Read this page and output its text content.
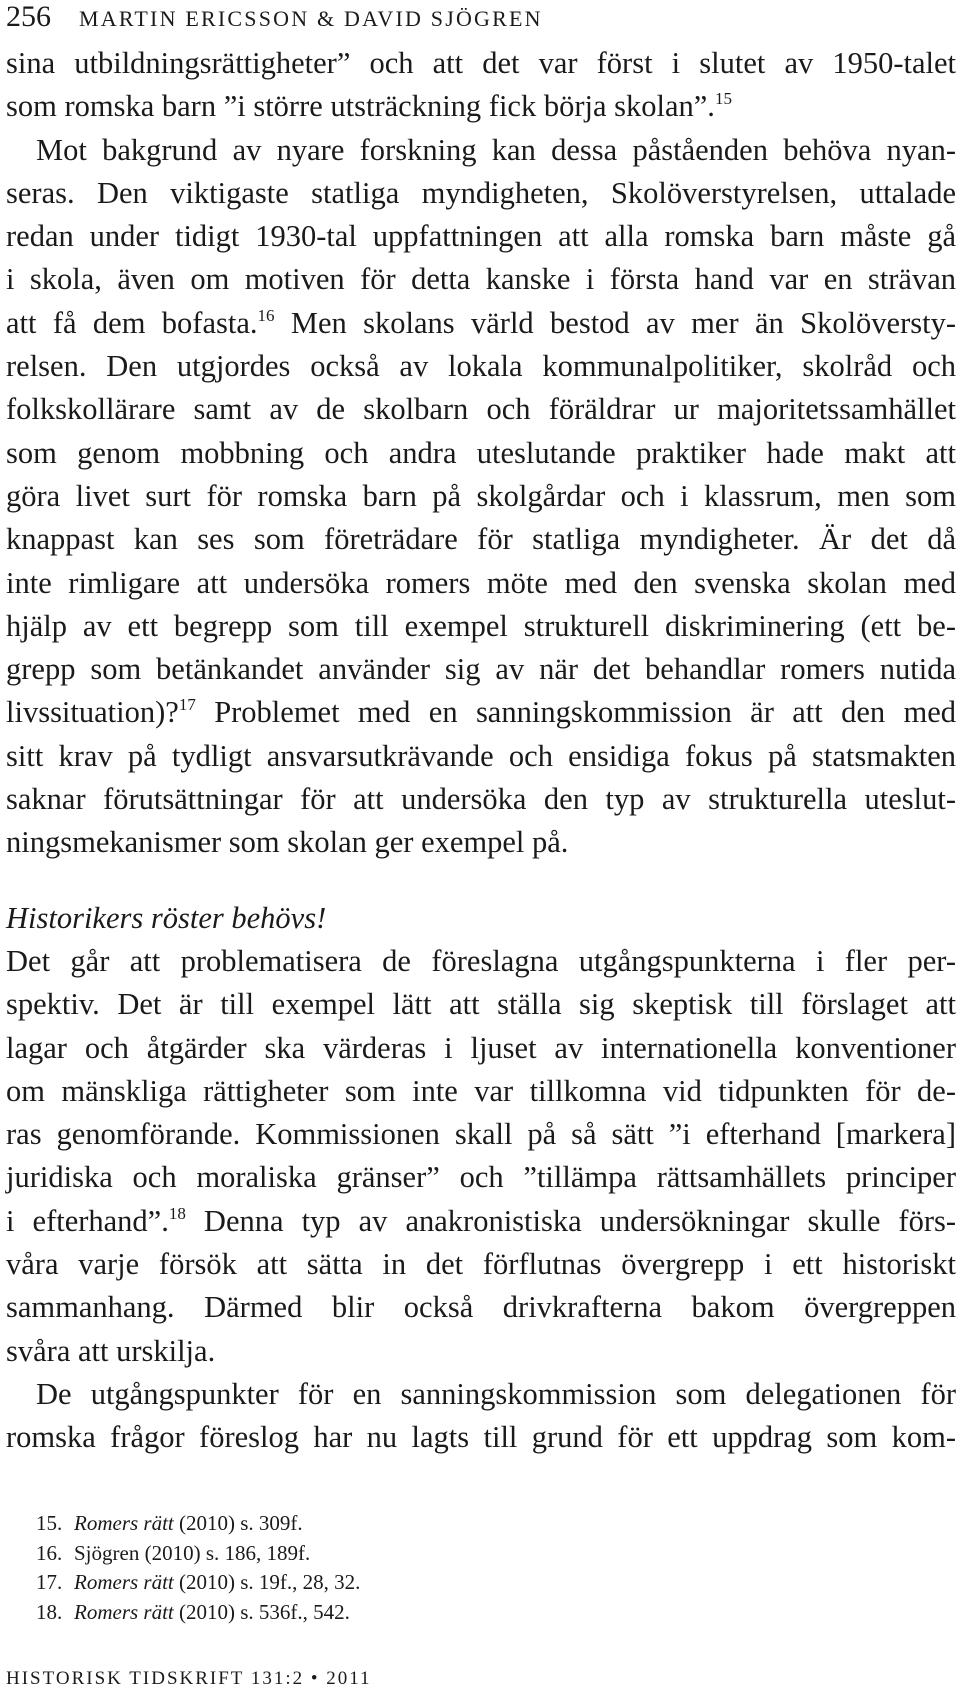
256 MARTIN ERICSSON & DAVID SJÖGREN
sina utbildningsrättigheter” och att det var först i slutet av 1950-talet
som romska barn ”i större utsträckning fick börja skolan”.$^{15}$
Mot bakgrund av nyare forskning kan dessa påståenden behöva nyan-
seras. Den viktigaste statliga myndigheten, Skolöverstyrelsen, uttalade
redan under tidigt 1930-tal uppfattningen att alla romska barn måste gå
i skola, även om motiven för detta kanske i första hand var en strävan
att få dem bofasta.$^{16}$ Men skolans värld bestod av mer än Skolöversty-
relsen. Den utgjordes också av lokala kommunalpolitiker, skolråd och
folkskollärare samt av de skolbarn och föräldrar ur majoritetssamhället
som genom mobbning och andra uteslutande praktiker hade makt att
göra livet surt för romska barn på skolgårdar och i klassrum, men som
knappast kan ses som företrädare för statliga myndigheter. Är det då
inte rimligare att undersöka romers möte med den svenska skolan med
hjälp av ett begrepp som till exempel strukturell diskriminering (ett be-
grepp som betänkandet använder sig av när det behandlar romers nutida
livssituation)?$^{17}$ Problemet med en sanningskommission är att den med
sitt krav på tydligt ansvarsutkrävande och ensidiga fokus på statsmakten
saknar förutsättningar för att undersöka den typ av strukturella uteslut-
ningsmekanismer som skolan ger exempel på.
Historikers röster behövs!
Det går att problematisera de föreslagna utgångspunkterna i fler per-
spektiv. Det är till exempel lätt att ställa sig skeptisk till förslaget att
lagar och åtgärder ska värderas i ljuset av internationella konventioner
om mänskliga rättigheter som inte var tillkomna vid tidpunkten för de-
ras genomförande. Kommissionen skall på så sätt ”i efterhand [markera]
juridiska och moraliska gränser” och ”tillämpa rättsamhällets principer
i efterhand”.$^{18}$ Denna typ av anakronistiska undersökningar skulle förs-
våra varje försök att sätta in det förflutnas övergrepp i ett historiskt
sammanhang. Därmed blir också drivkrafterna bakom övergreppen
svåra att urskilja.
De utgångspunkter för en sanningskommission som delegationen för
romska frågor föreslog har nu lagts till grund för ett uppdrag som kom-
15. Romers rätt (2010) s. 309f.
16. Sjögren (2010) s. 186, 189f.
17. Romers rätt (2010) s. 19f., 28, 32.
18. Romers rätt (2010) s. 536f., 542.
HISTORISK TIDSKRIFT 131:2 • 2011
